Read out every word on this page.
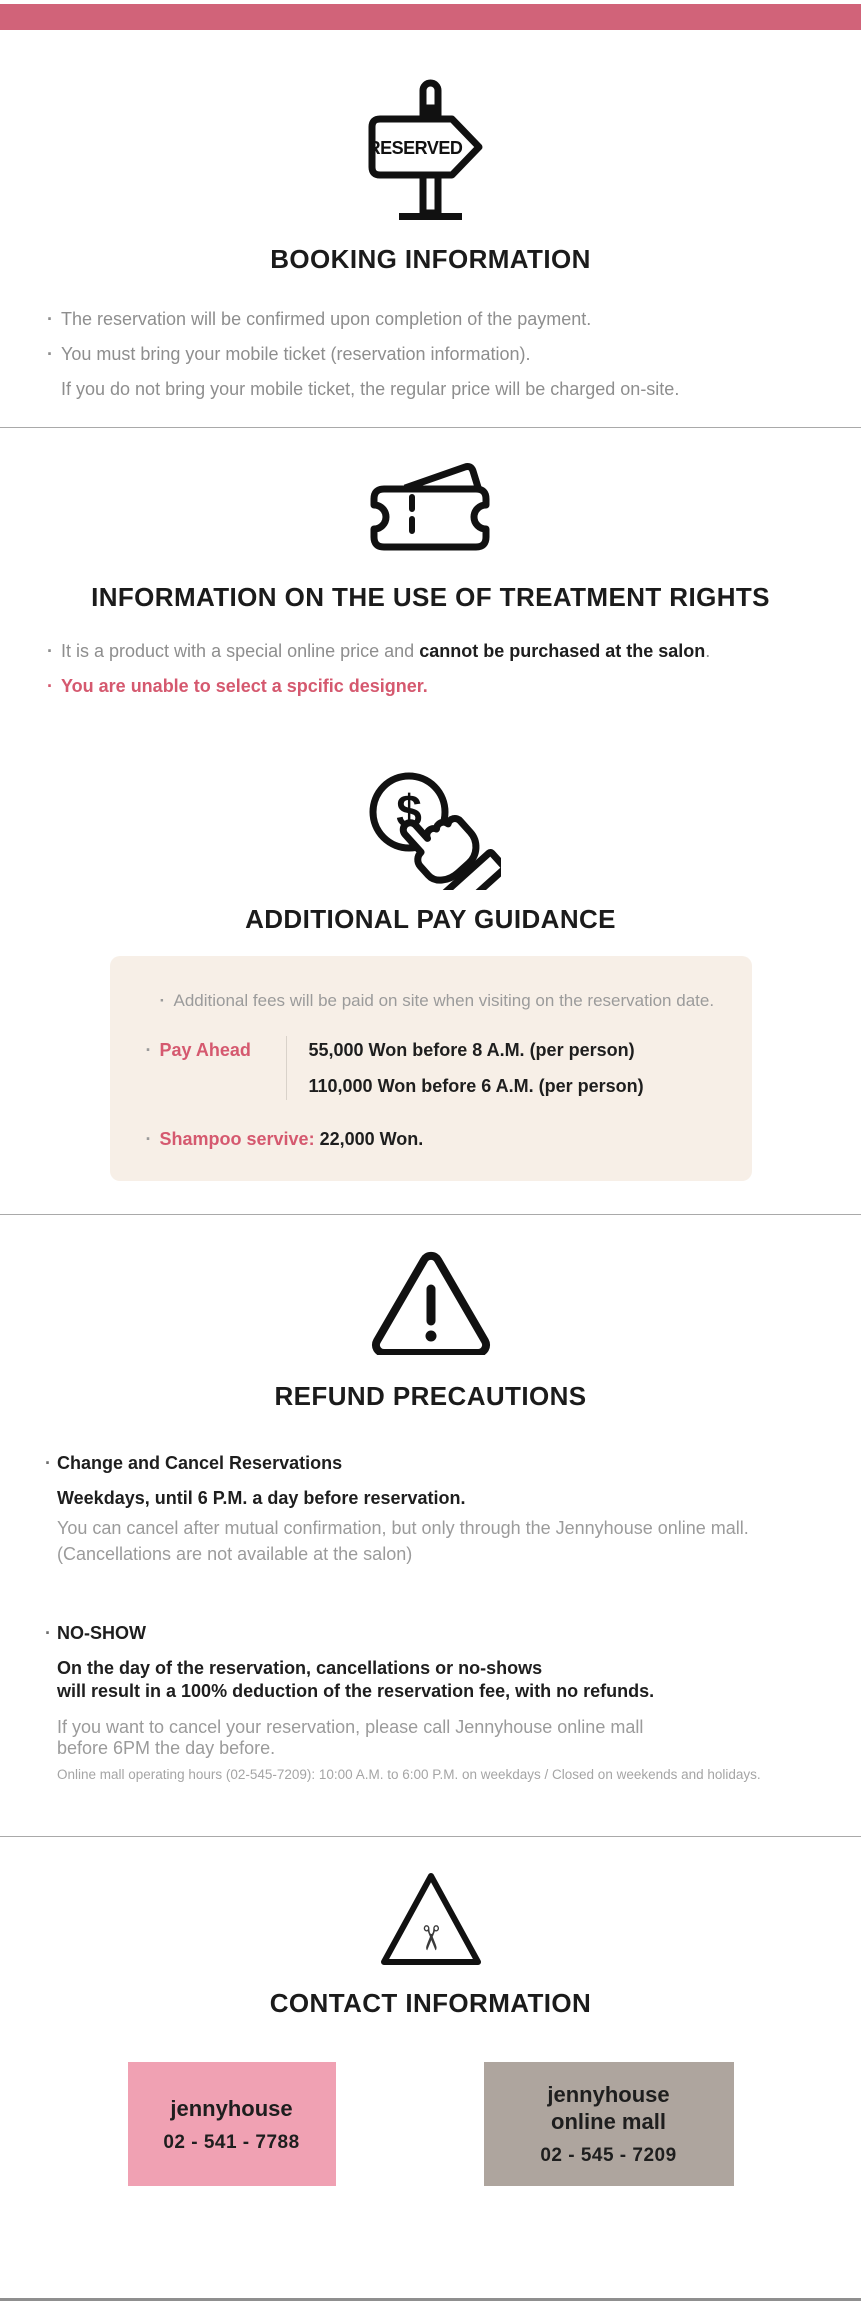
RESERVED
BOOKING INFORMATION
· The reservation will be confirmed upon completion of the payment.
· You must bring your mobile ticket (reservation information).
If you do not bring your mobile ticket, the regular price will be charged on-site.
INFORMATION ON THE USE OF TREATMENT RIGHTS
· It is a product with a special online price and cannot be purchased at the salon.
· You are unable to select a spcific designer.
$
ADDITIONAL PAY GUIDANCE
· Additional fees will be paid on site when visiting on the reservation date.
· Pay Ahead	55,000 Won before 8 A.M. (per person)
110,000 Won before 6 A.M. (per person)
· Shampoo servive: 22,000 Won.
REFUND PRECAUTIONS
· Change and Cancel Reservations
Weekdays, until 6 P.M. a day before reservation.
You can cancel after mutual confirmation, but only through the Jennyhouse online mall.
(Cancellations are not available at the salon)
· NO-SHOW
On the day of the reservation, cancellations or no-shows
will result in a 100% deduction of the reservation fee, with no refunds.
If you want to cancel your reservation, please call Jennyhouse online mall
before 6PM the day before.
Online mall operating hours (02-545-7209): 10:00 A.M. to 6:00 P.M. on weekdays / Closed on weekends and holidays.
✂
CONTACT INFORMATION
jennyhouse
02 - 541 - 7788
jennyhouse
online mall
02 - 545 - 7209
